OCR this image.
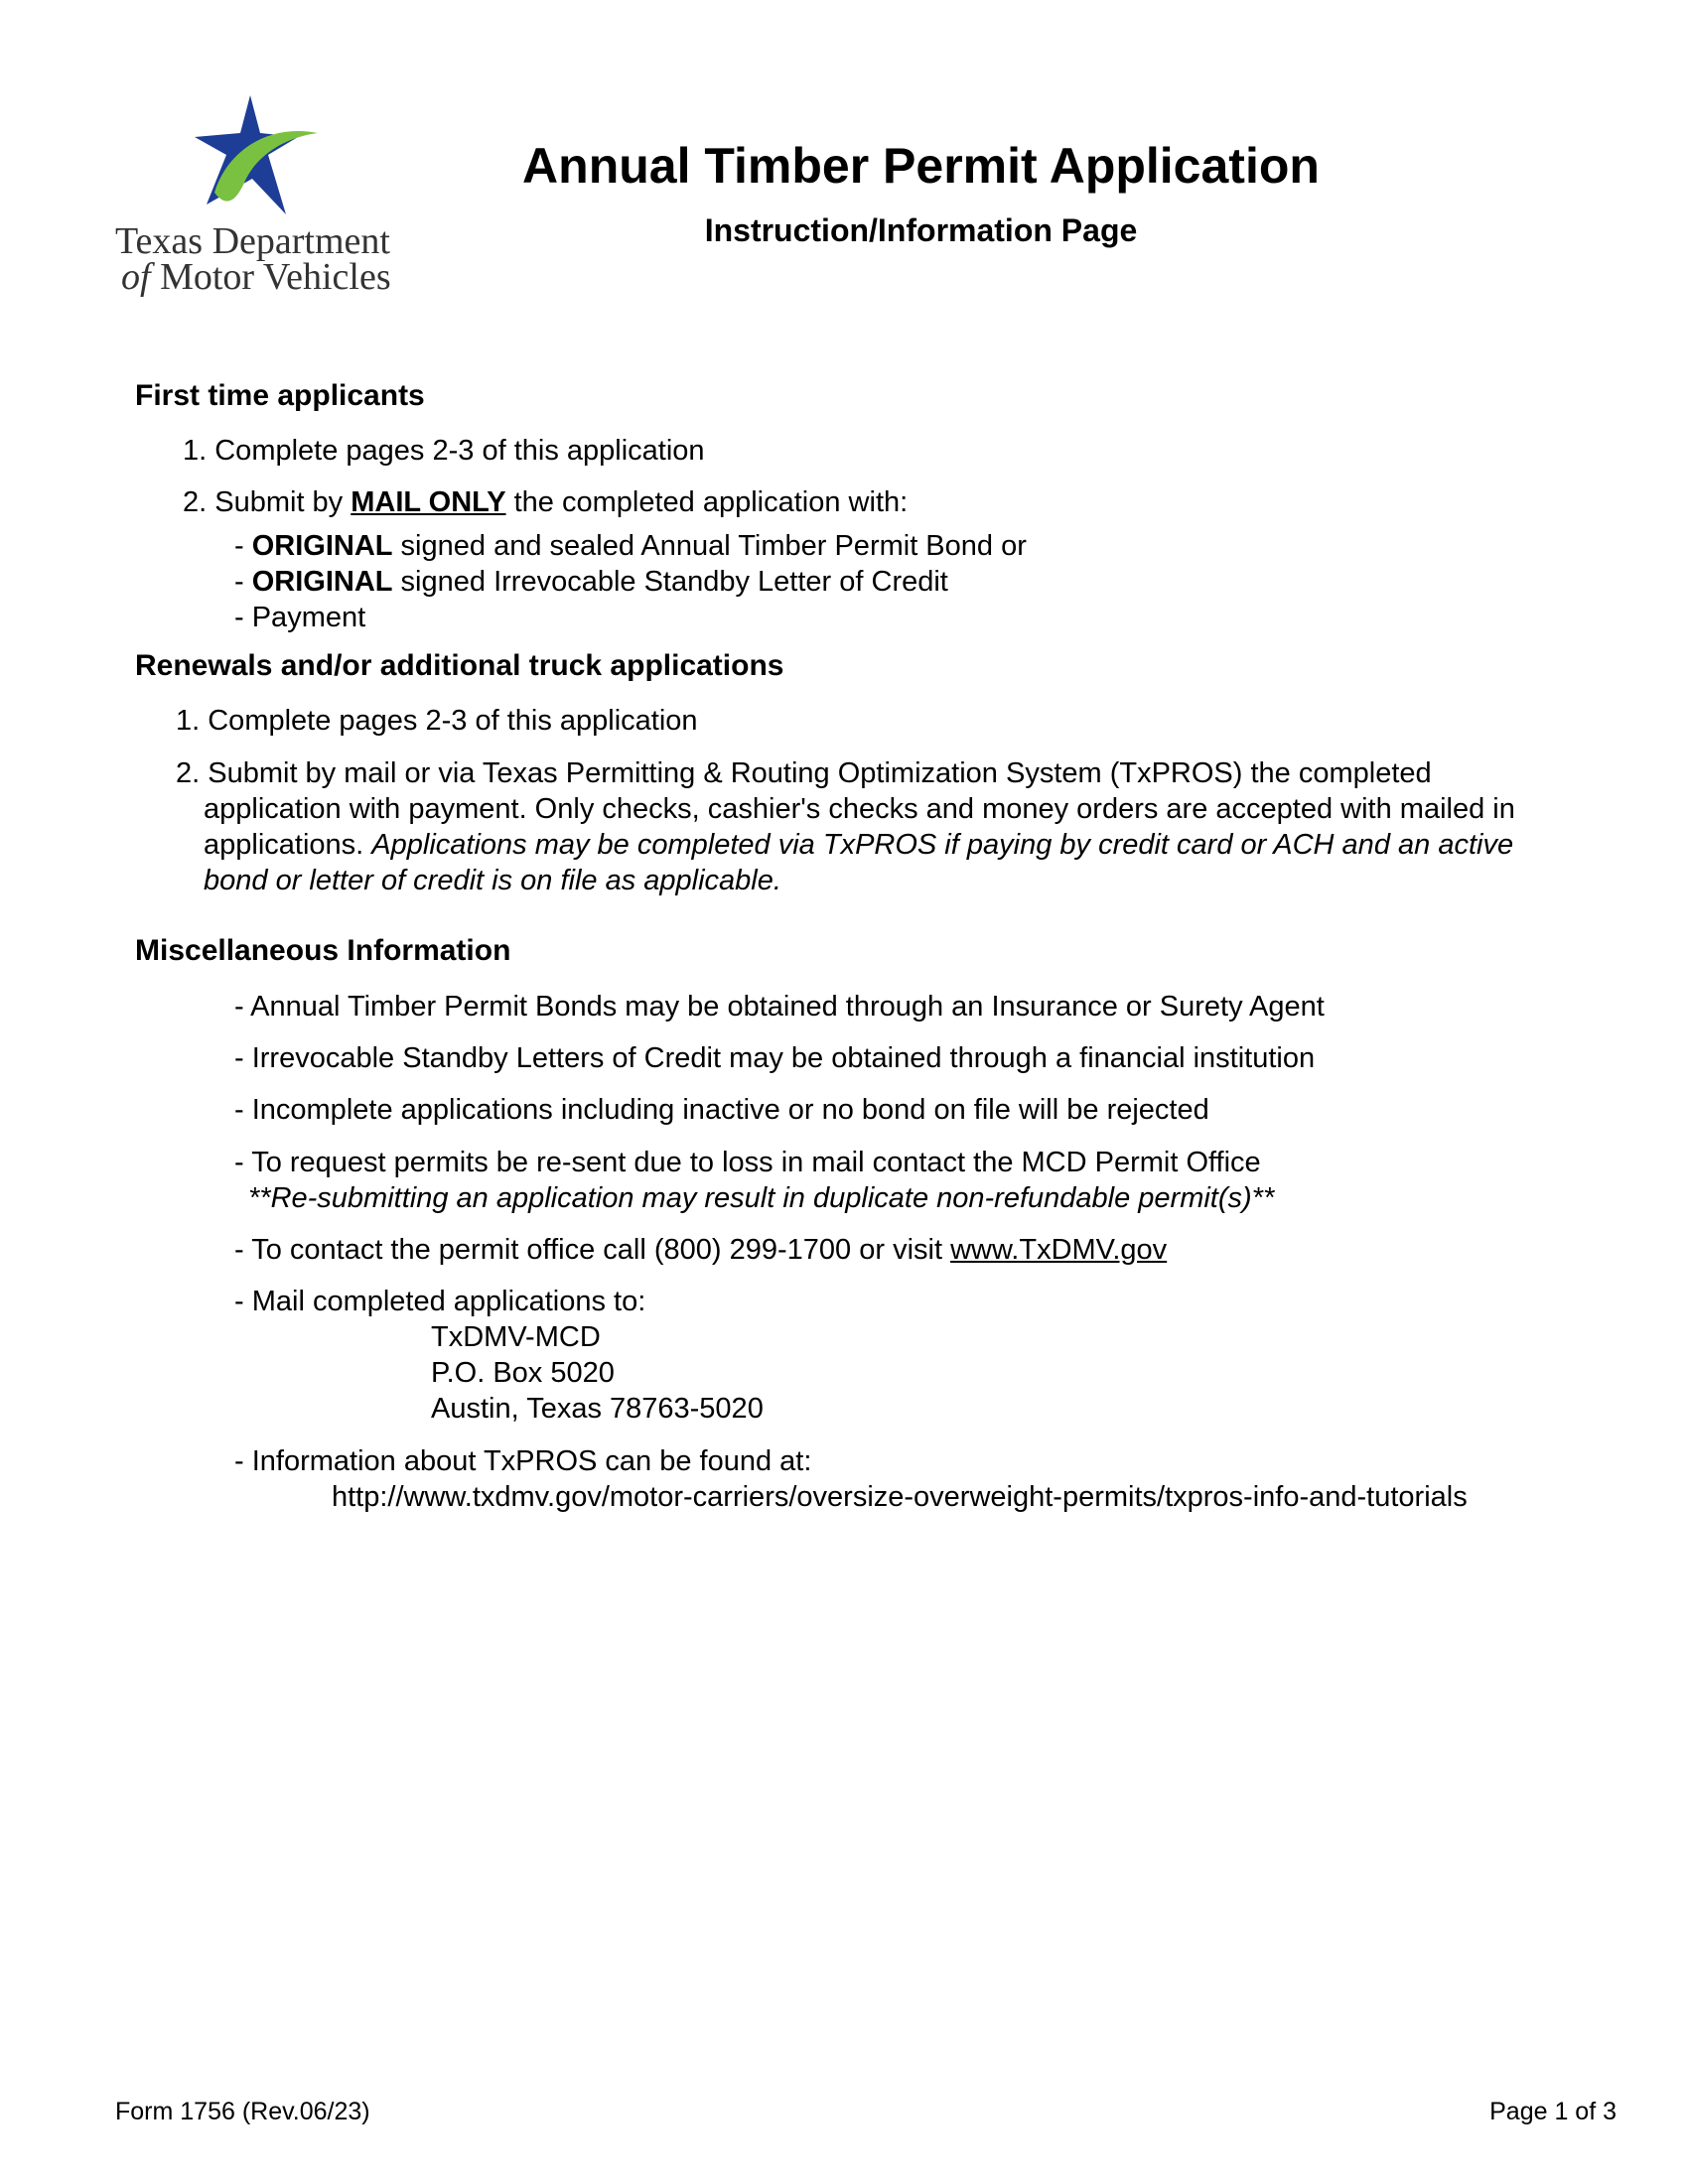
Texas Department
of Motor Vehicles
Annual Timber Permit Application
Instruction/Information Page
First time applicants
1. Complete pages 2-3 of this application
2. Submit by MAIL ONLY the completed application with:
- ORIGINAL signed and sealed Annual Timber Permit Bond or
- ORIGINAL signed Irrevocable Standby Letter of Credit
- Payment
Renewals and/or additional truck applications
1. Complete pages 2-3 of this application
2. Submit by mail or via Texas Permitting & Routing Optimization System (TxPROS) the completed
application with payment. Only checks, cashier's checks and money orders are accepted with mailed in
applications. Applications may be completed via TxPROS if paying by credit card or ACH and an active
bond or letter of credit is on file as applicable.
Miscellaneous Information
- Annual Timber Permit Bonds may be obtained through an Insurance or Surety Agent
- Irrevocable Standby Letters of Credit may be obtained through a financial institution
- Incomplete applications including inactive or no bond on file will be rejected
- To request permits be re-sent due to loss in mail contact the MCD Permit Office
**Re-submitting an application may result in duplicate non-refundable permit(s)**
- To contact the permit office call (800) 299-1700 or visit www.TxDMV.gov
- Mail completed applications to:
TxDMV-MCD
P.O. Box 5020
Austin, Texas 78763-5020
- Information about TxPROS can be found at:
http://www.txdmv.gov/motor-carriers/oversize-overweight-permits/txpros-info-and-tutorials
Form 1756 (Rev.06/23)	Page 1 of 3
